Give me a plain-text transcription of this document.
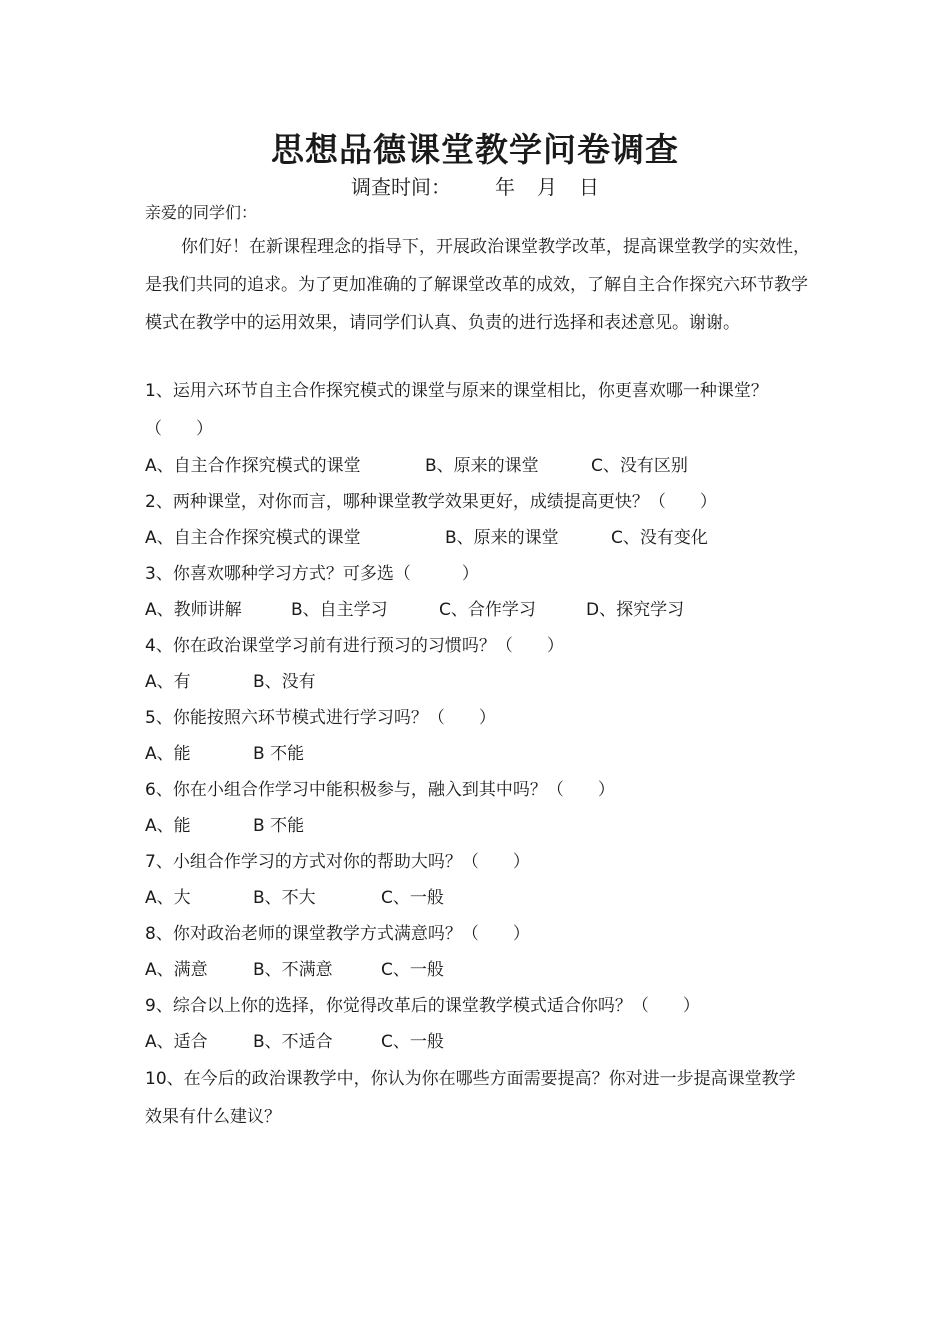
思想品德课堂教学问卷调查
调查时间： 年 月 日
亲爱的同学们：

你们好！在新课程理念的指导下，开展政治课堂教学改革，提高课堂教学的实效性，是我们共同的追求。为了更加准确的了解课堂改革的成效，了解自主合作探究六环节教学模式在教学中的运用效果，请同学们认真、负责的进行选择和表述意见。谢谢。

1、运用六环节自主合作探究模式的课堂与原来的课堂相比，你更喜欢哪一种课堂？（　　）

A、自主合作探究模式的课堂	B、原来的课堂	C、没有区别

2、两种课堂，对你而言，哪种课堂教学效果更好，成绩提高更快？（　　）

A、自主合作探究模式的课堂	B、原来的课堂	C、没有变化

3、你喜欢哪种学习方式？可多选（　　　）

A、教师讲解	B、自主学习	C、合作学习	D、探究学习

4、你在政治课堂学习前有进行预习的习惯吗？（　　）

A、有	B、没有

5、你能按照六环节模式进行学习吗？（　　）

A、能	B 不能

6、你在小组合作学习中能积极参与，融入到其中吗？（　　）

A、能	B 不能

7、小组合作学习的方式对你的帮助大吗？（　　）

A、大	B、不大	C、一般

8、你对政治老师的课堂教学方式满意吗？（　　）

A、满意	B、不满意	C、一般

9、综合以上你的选择，你觉得改革后的课堂教学模式适合你吗？（　　）

A、适合	B、不适合	C、一般

10、在今后的政治课教学中，你认为你在哪些方面需要提高？你对进一步提高课堂教学效果有什么建议？
